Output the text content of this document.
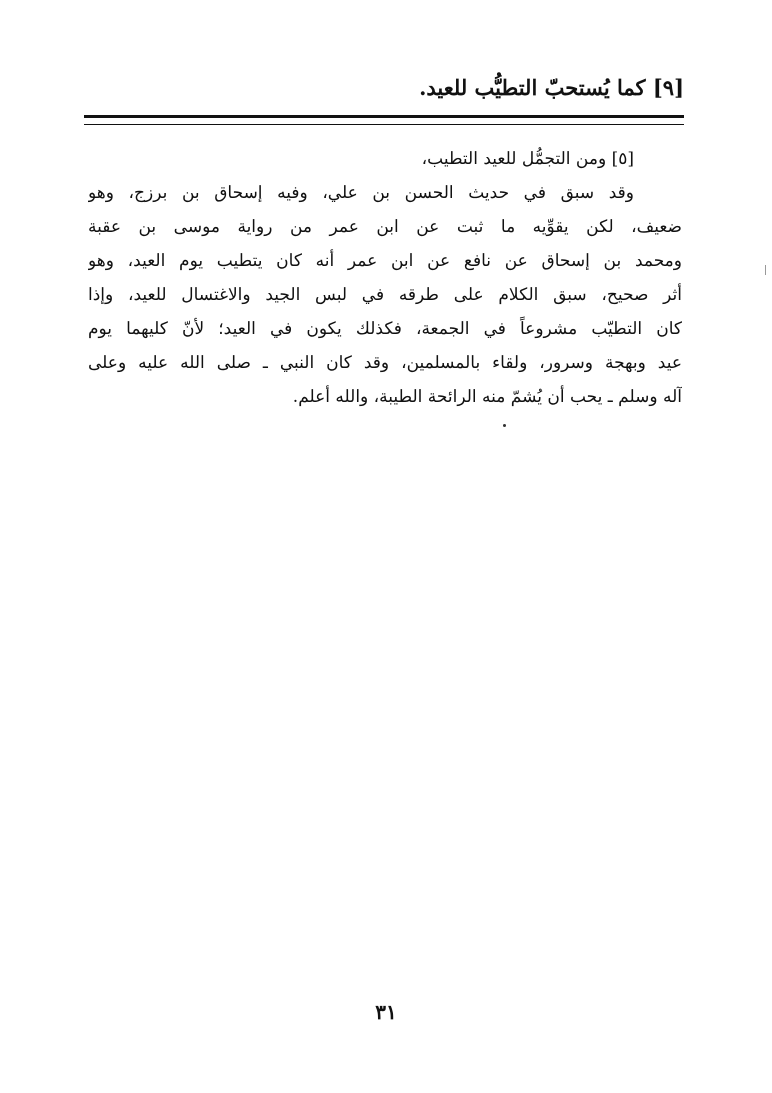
[٩] كما يُستحبّ التطيُّب للعيد.
[٥] ومن التجمُّل للعيد التطيب،
وقد سبق في حديث الحسن بن علي، وفيه إسحاق بن برزج، وهو
ضعيف، لكن يقوِّيه ما ثبت عن ابن عمر من رواية موسى بن عقبة
ومحمد بن إسحاق عن نافع عن ابن عمر أنه كان يتطيب يوم العيد، وهو
أثر صحيح، سبق الكلام على طرقه في لبس الجيد والاغتسال للعيد، وإذا
كان التطيّب مشروعاً في الجمعة، فكذلك يكون في العيد؛ لأنّ كليهما يوم
عيد وبهجة وسرور، ولقاء بالمسلمين، وقد كان النبي ـ صلى الله عليه وعلى
آله وسلم ـ يحب أن يُشمّ منه الرائحة الطيبة، والله أعلم.
٣١
